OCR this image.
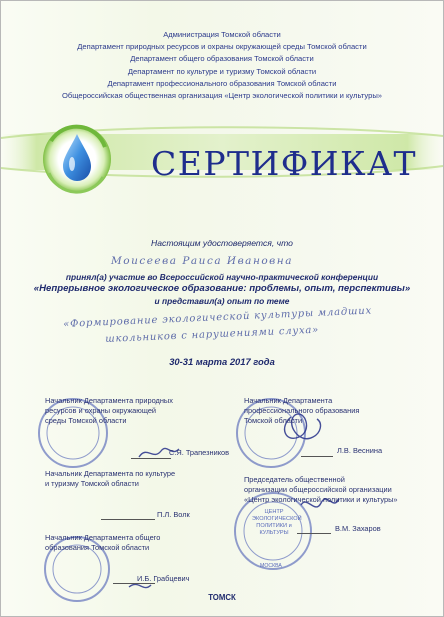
Администрация Томской области
Департамент природных ресурсов и охраны окружающей среды Томской области
Департамент общего образования Томской области
Департамент по культуре и туризму Томской области
Департамент профессионального образования Томской области
Общероссийская общественная организация «Центр экологической политики и культуры»
СЕРТИФИКАТ
Настоящим удостоверяется, что
Моисеева Раиса Ивановна
принял(а) участие во Всероссийской научно-практической конференции
«Непрерывное экологическое образование: проблемы, опыт, перспективы»
и представил(а) опыт по теме
«Формирование экологической культуры младших
школьников с нарушениями слуха»
30-31 марта 2017 года
ЦЕНТР
ЭКОЛОГИЧЕСКОЙ
ПОЛИТИКИ и
КУЛЬТУРЫ
МОСКВА
Начальник Департамента природных
ресурсов и охраны окружающей
среды Томской области
С.Я. Трапезников
Начальник Департамента по культуре
и туризму Томской области
П.Л. Волк
Начальник Департамента общего
образования Томской области
И.Б. Грабцевич
Начальник Департамента
профессионального образования
Томской области
Л.В. Веснина
Председатель общественной
организации общероссийской организации
«Центр экологической политики и культуры»
В.М. Захаров
ТОМСК
